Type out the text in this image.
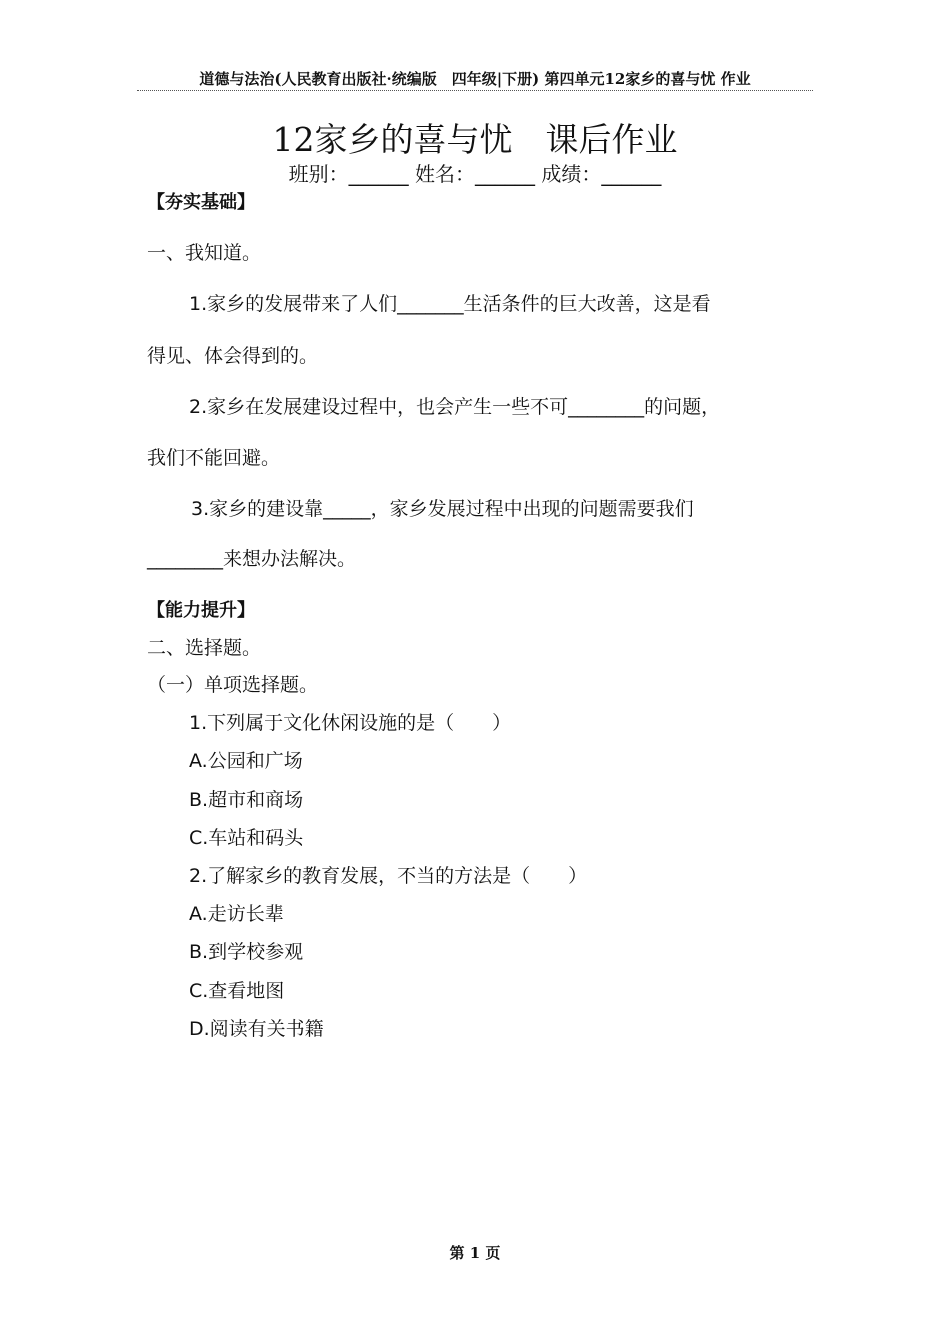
道德与法治(人民教育出版社·统编版　四年级|下册) 第四单元12家乡的喜与忧 作业
12家乡的喜与忧　课后作业
班别：______ 姓名：______ 成绩：______
【夯实基础】
一、我知道。
1.家乡的发展带来了人们_______生活条件的巨大改善，这是看
得见、体会得到的。
2.家乡在发展建设过程中，也会产生一些不可________的问题，
我们不能回避。
3.家乡的建设靠_____，家乡发展过程中出现的问题需要我们
________来想办法解决。
【能力提升】
二、选择题。
（一）单项选择题。
1.下列属于文化休闲设施的是（　　）
A.公园和广场
B.超市和商场
C.车站和码头
2.了解家乡的教育发展，不当的方法是（　　）
A.走访长辈
B.到学校参观
C.查看地图
D.阅读有关书籍
第 1 页
